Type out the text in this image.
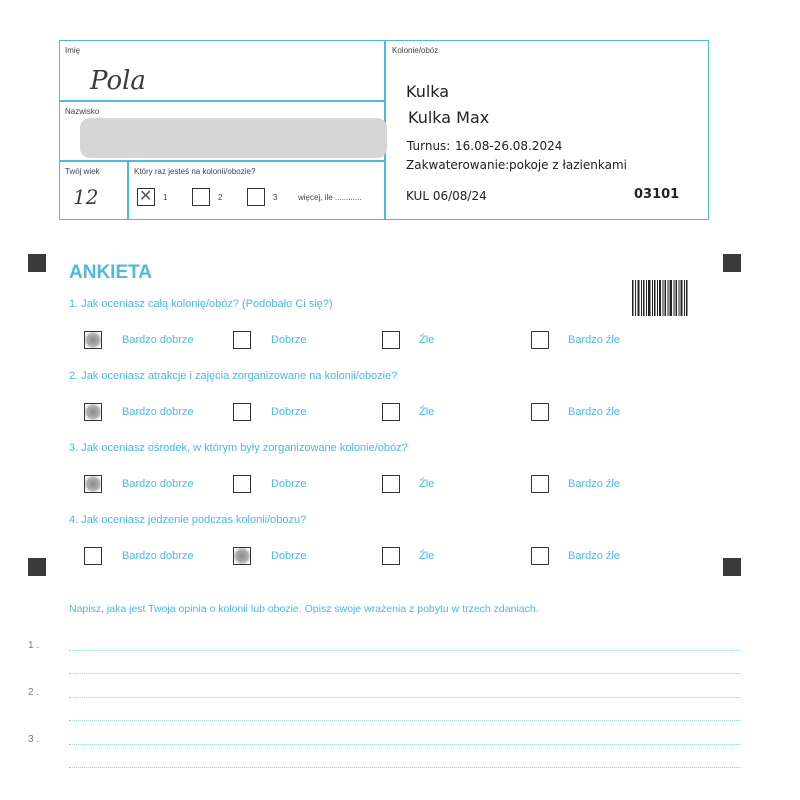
Imię
Pola
Nazwisko
Twój wiek
12
Który raz jesteś na kolonii/obozie?
✕
1	2	3	więcej, ile ............
Kolonie/obóz
Kulka
Kulka Max
Turnus: 16.08-26.08.2024
Zakwaterowanie: pokoje z łazienkami
KUL 06/08/24	03101
ANKIETA
1. Jak oceniasz całą kolonię/obóz? (Podobało Ci się?)
Bardzo dobrze	Dobrze	Źle	Bardzo źle
2. Jak oceniasz atrakcje i zajęcia zorganizowane na kolonii/obozie?
Bardzo dobrze	Dobrze	Źle	Bardzo źle
3. Jak oceniasz ośrodek, w którym były zorganizowane kolonie/obóz?
Bardzo dobrze	Dobrze	Źle	Bardzo źle
4. Jak oceniasz jedzenie podczas kolonii/obozu?
Bardzo dobrze	Dobrze	Źle	Bardzo źle
Napisz, jaka jest Twoja opinia o kolonii lub obozie. Opisz swoje wrażenia z pobytu w trzech zdaniach.
1 .
2 .
3 .
